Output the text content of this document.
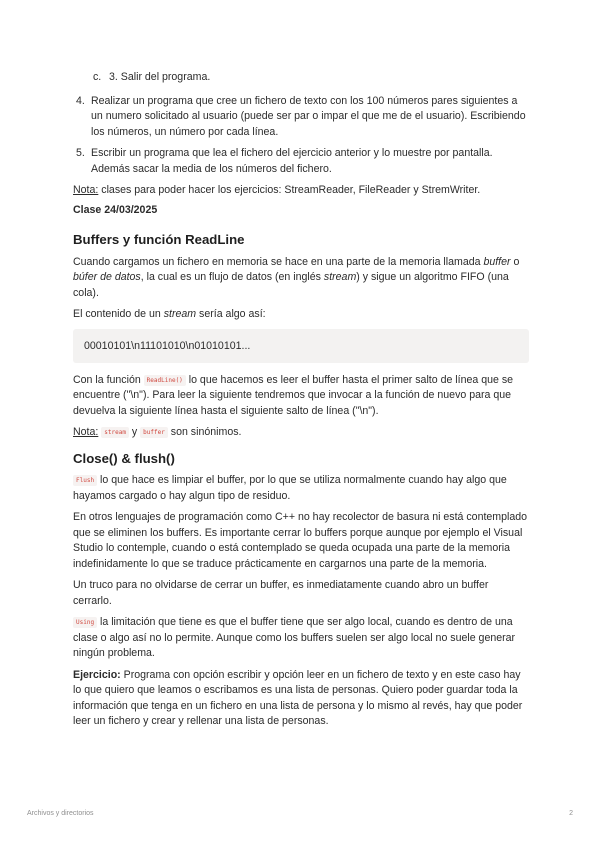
c. 3. Salir del programa.
4. Realizar un programa que cree un fichero de texto con los 100 números pares siguientes a un numero solicitado al usuario (puede ser par o impar el que me de el usuario). Escribiendo los números, un número por cada línea.
5. Escribir un programa que lea el fichero del ejercicio anterior y lo muestre por pantalla. Además sacar la media de los números del fichero.

Nota: clases para poder hacer los ejercicios: StreamReader, FileReader y StremWriter.

Clase 24/03/2025
Buffers y función ReadLine

Cuando cargamos un fichero en memoria se hace en una parte de la memoria llamada buffer o búfer de datos, la cual es un flujo de datos (en inglés stream) y sigue un algoritmo FIFO (una cola).

El contenido de un stream sería algo así:

00010101\n11101010\n01010101...

Con la función ReadLine() lo que hacemos es leer el buffer hasta el primer salto de línea que se encuentre ("\n"). Para leer la siguiente tendremos que invocar a la función de nuevo para que devuelva la siguiente línea hasta el siguiente salto de línea ("\n").

Nota: stream y buffer son sinónimos.

Close() & flush()

Flush lo que hace es limpiar el buffer, por lo que se utiliza normalmente cuando hay algo que hayamos cargado o hay algun tipo de residuo.

En otros lenguajes de programación como C++ no hay recolector de basura ni está contemplado que se eliminen los buffers. Es importante cerrar lo buffers porque aunque por ejemplo el Visual Studio lo contemple, cuando o está contemplado se queda ocupada una parte de la memoria indefinidamente lo que se traduce prácticamente en cargarnos una parte de la memoria.

Un truco para no olvidarse de cerrar un buffer, es inmediatamente cuando abro un buffer cerrarlo.

Using la limitación que tiene es que el buffer tiene que ser algo local, cuando es dentro de una clase o algo así no lo permite. Aunque como los buffers suelen ser algo local no suele generar ningún problema.

Ejercicio: Programa con opción escribir y opción leer en un fichero de texto y en este caso hay lo que quiero que leamos o escribamos es una lista de personas. Quiero poder guardar toda la información que tenga en un fichero en una lista de persona y lo mismo al revés, hay que poder leer un fichero y crear y rellenar una lista de personas.

Archivos y directorios	2
